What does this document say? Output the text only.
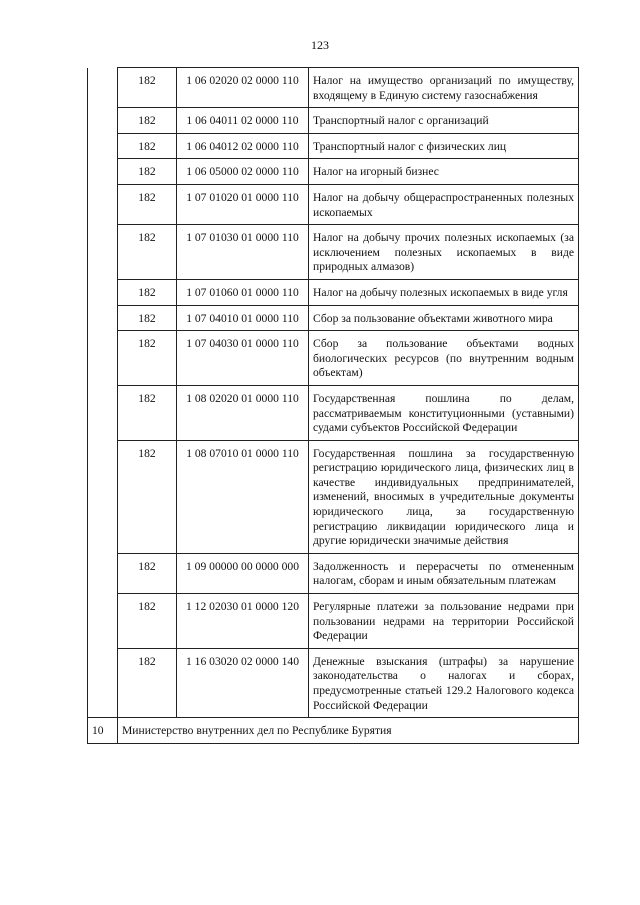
123
	182	1 06 02020 02 0000 110	Налог на имущество организаций по имуществу, входящему в Единую систему газоснабжения
	182	1 06 04011 02 0000 110	Транспортный налог с организаций
	182	1 06 04012 02 0000 110	Транспортный налог с физических лиц
	182	1 06 05000 02 0000 110	Налог на игорный бизнес
	182	1 07 01020 01 0000 110	Налог на добычу общераспространенных полезных ископаемых
	182	1 07 01030 01 0000 110	Налог на добычу прочих полезных ископаемых (за исключением полезных ископаемых в виде природных алмазов)
	182	1 07 01060 01 0000 110	Налог на добычу полезных ископаемых в виде угля
	182	1 07 04010 01 0000 110	Сбор за пользование объектами животного мира
	182	1 07 04030 01 0000 110	Сбор за пользование объектами водных биологических ресурсов (по внутренним водным объектам)
	182	1 08 02020 01 0000 110	Государственная пошлина по делам, рассматриваемым конституционными (уставными) судами субъектов Российской Федерации
	182	1 08 07010 01 0000 110	Государственная пошлина за государственную регистрацию юридического лица, физических лиц в качестве индивидуальных предпринимателей, изменений, вносимых в учредительные документы юридического лица, за государственную регистрацию ликвидации юридического лица и другие юридически значимые действия
	182	1 09 00000 00 0000 000	Задолженность и перерасчеты по отмененным налогам, сборам и иным обязательным платежам
	182	1 12 02030 01 0000 120	Регулярные платежи за пользование недрами при пользовании недрами на территории Российской Федерации
	182	1 16 03020 02 0000 140	Денежные взыскания (штрафы) за нарушение законодательства о налогах и сборах, предусмотренные статьей 129.2 Налогового кодекса Российской Федерации
10	Министерство внутренних дел по Республике Бурятия		
